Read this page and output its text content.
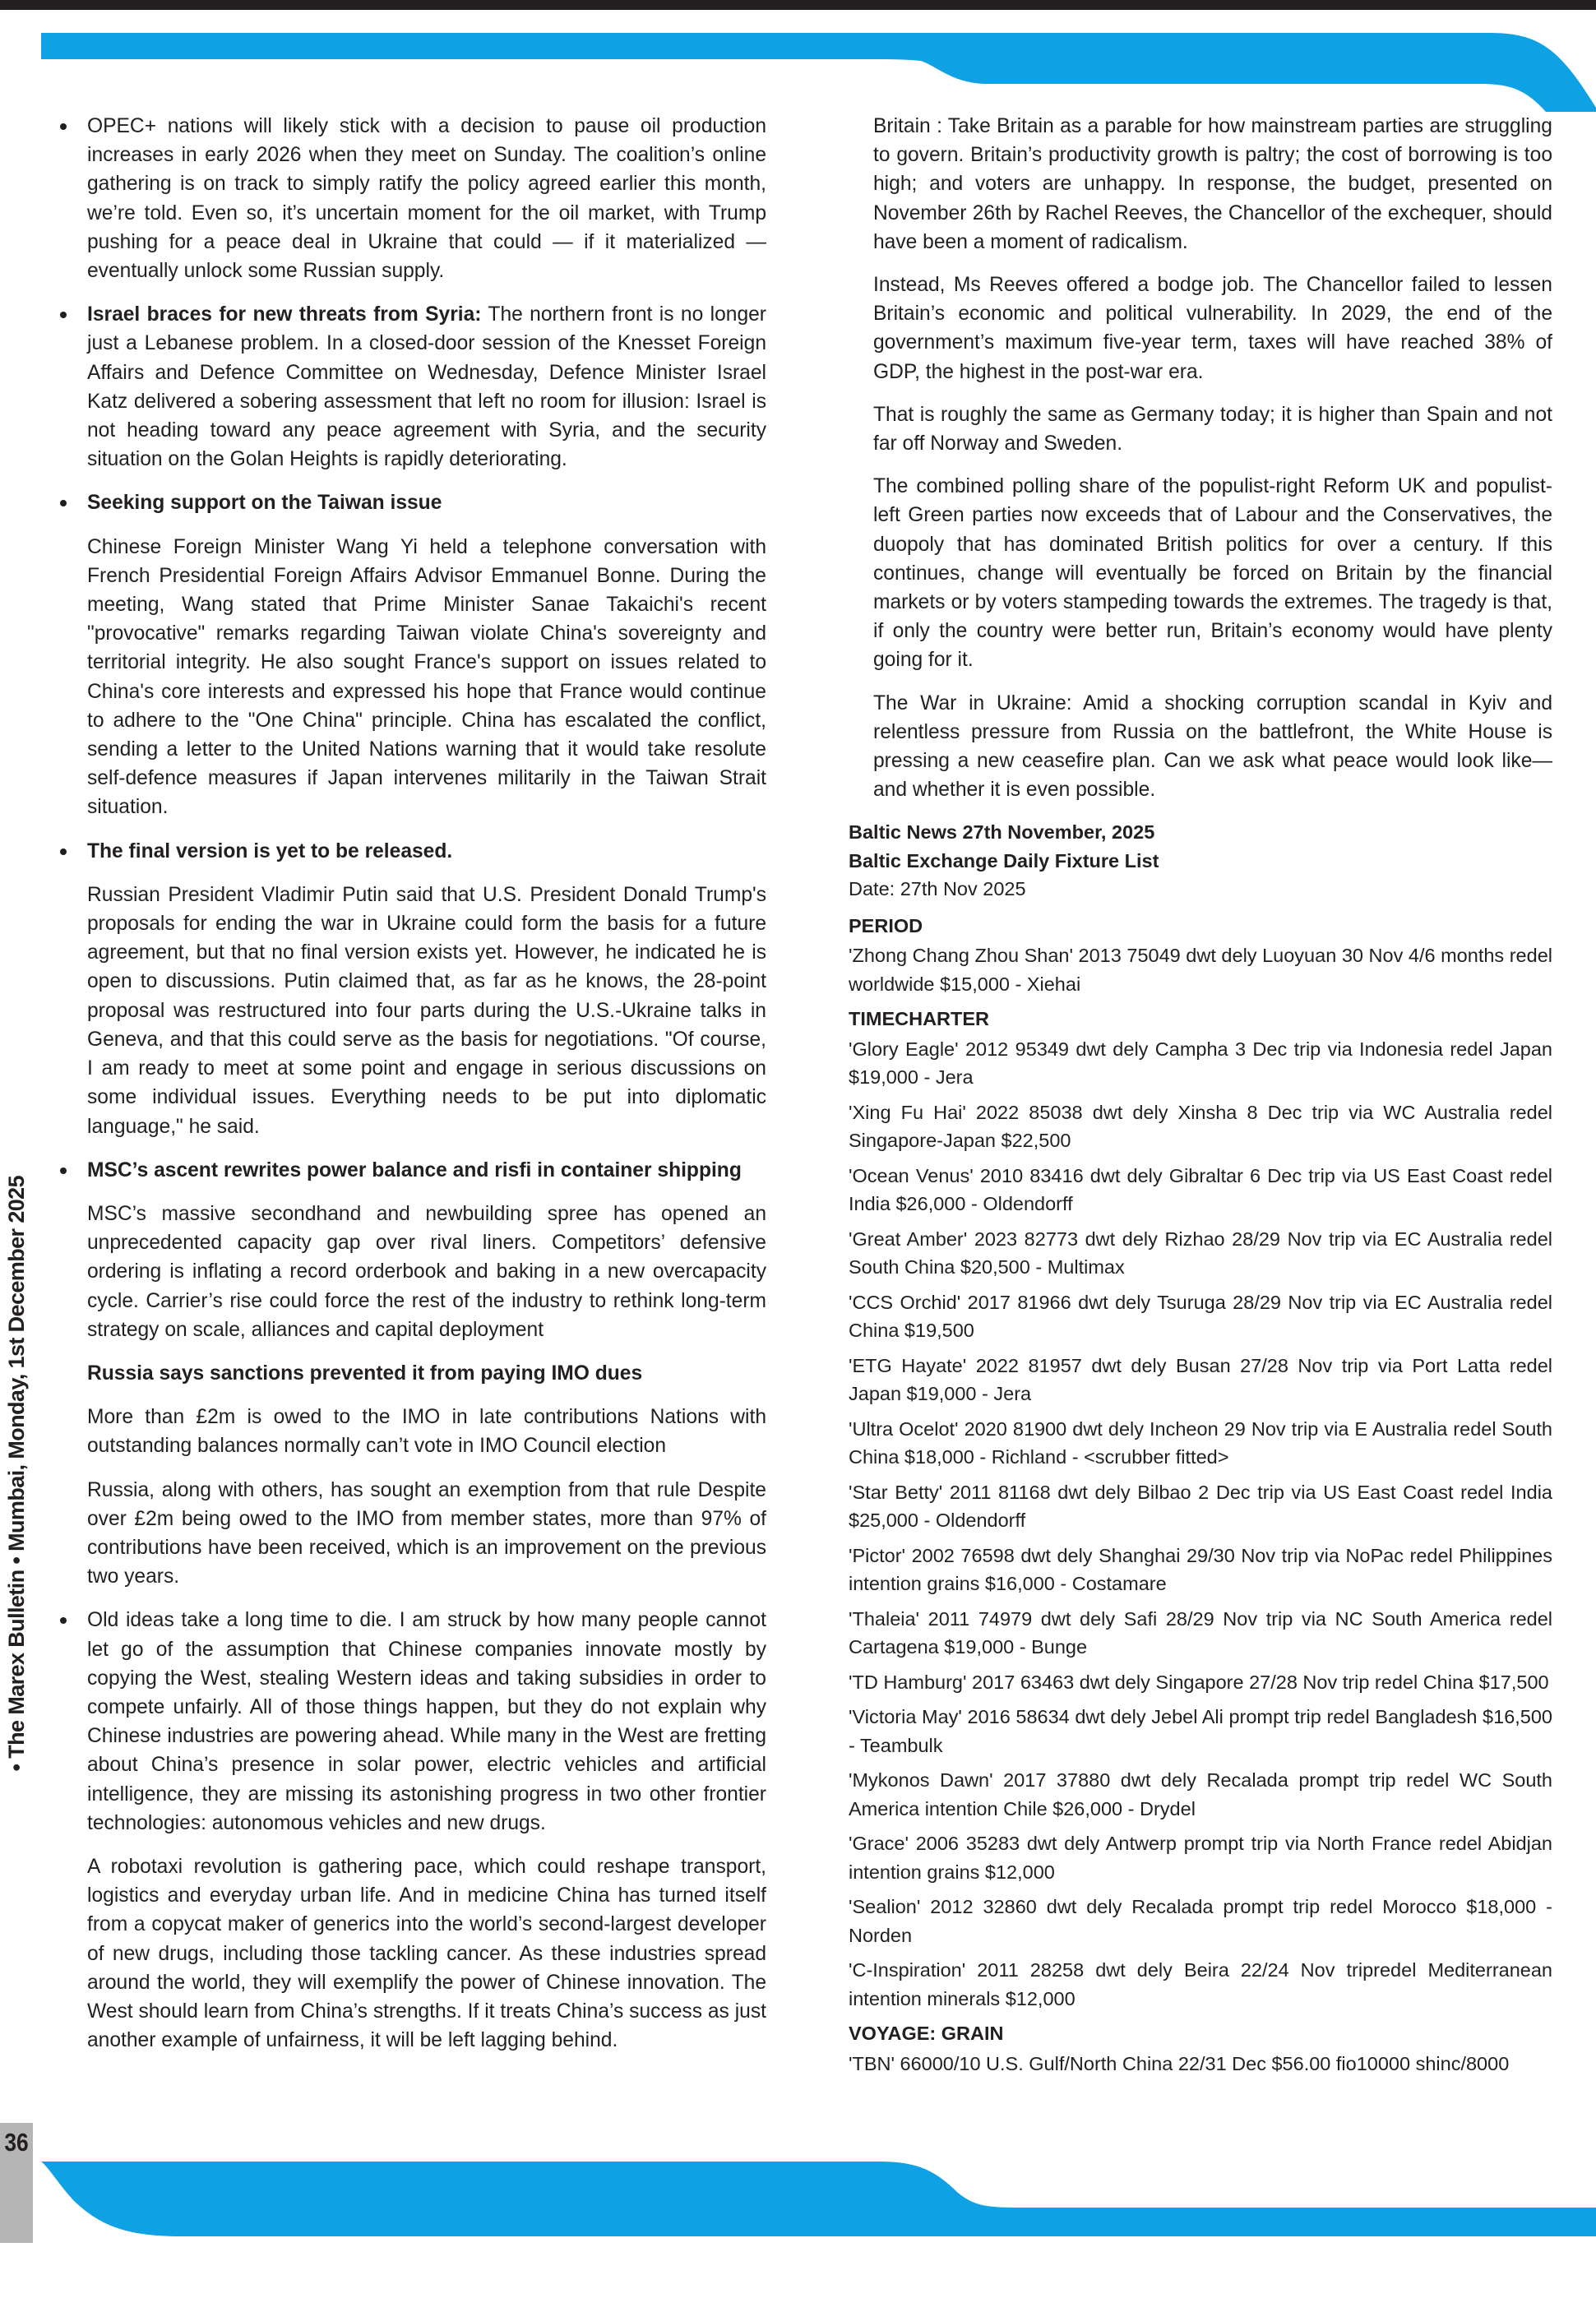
OPEC+ nations will likely stick with a decision to pause oil production increases in early 2026 when they meet on Sunday. The coalition’s online gathering is on track to simply ratify the policy agreed earlier this month, we’re told. Even so, it’s uncertain moment for the oil market, with Trump pushing for a peace deal in Ukraine that could — if it materialized — eventually unlock some Russian supply.

Israel braces for new threats from Syria: The northern front is no longer just a Lebanese problem. In a closed-door session of the Knesset Foreign Affairs and Defence Committee on Wednesday, Defence Minister Israel Katz delivered a sobering assessment that left no room for illusion: Israel is not heading toward any peace agreement with Syria, and the security situation on the Golan Heights is rapidly deteriorating.

Seeking support on the Taiwan issue

Chinese Foreign Minister Wang Yi held a telephone conversation with French Presidential Foreign Affairs Advisor Emmanuel Bonne. During the meeting, Wang stated that Prime Minister Sanae Takaichi's recent "provocative" remarks regarding Taiwan violate China's sovereignty and territorial integrity. He also sought France's support on issues related to China's core interests and expressed his hope that France would continue to adhere to the "One China" principle. China has escalated the conflict, sending a letter to the United Nations warning that it would take resolute self-defence measures if Japan intervenes militarily in the Taiwan Strait situation.

The final version is yet to be released.

Russian President Vladimir Putin said that U.S. President Donald Trump's proposals for ending the war in Ukraine could form the basis for a future agreement, but that no final version exists yet. However, he indicated he is open to discussions. Putin claimed that, as far as he knows, the 28-point proposal was restructured into four parts during the U.S.-Ukraine talks in Geneva, and that this could serve as the basis for negotiations. "Of course, I am ready to meet at some point and engage in serious discussions on some individual issues. Everything needs to be put into diplomatic language," he said.

MSC’s ascent rewrites power balance and risfi in container shipping

MSC’s massive secondhand and newbuilding spree has opened an unprecedented capacity gap over rival liners. Competitors’ defensive ordering is inflating a record orderbook and baking in a new overcapacity cycle. Carrier’s rise could force the rest of the industry to rethink long-term strategy on scale, alliances and capital deployment

Russia says sanctions prevented it from paying IMO dues

More than £2m is owed to the IMO in late contributions Nations with outstanding balances normally can’t vote in IMO Council election

Russia, along with others, has sought an exemption from that rule Despite over £2m being owed to the IMO from member states, more than 97% of contributions have been received, which is an improvement on the previous two years.

Old ideas take a long time to die. I am struck by how many people cannot let go of the assumption that Chinese companies innovate mostly by copying the West, stealing Western ideas and taking subsidies in order to compete unfairly. All of those things happen, but they do not explain why Chinese industries are powering ahead. While many in the West are fretting about China’s presence in solar power, electric vehicles and artificial intelligence, they are missing its astonishing progress in two other frontier technologies: autonomous vehicles and new drugs.

A robotaxi revolution is gathering pace, which could reshape transport, logistics and everyday urban life. And in medicine China has turned itself from a copycat maker of generics into the world’s second-largest developer of new drugs, including those tackling cancer. As these industries spread around the world, they will exemplify the power of Chinese innovation. The West should learn from China’s strengths. If it treats China’s success as just another example of unfairness, it will be left lagging behind.

Britain : Take Britain as a parable for how mainstream parties are struggling to govern. Britain’s productivity growth is paltry; the cost of borrowing is too high; and voters are unhappy. In response, the budget, presented on November 26th by Rachel Reeves, the Chancellor of the exchequer, should have been a moment of radicalism.

Instead, Ms Reeves offered a bodge job. The Chancellor failed to lessen Britain’s economic and political vulnerability. In 2029, the end of the government’s maximum five-year term, taxes will have reached 38% of GDP, the highest in the post-war era.

That is roughly the same as Germany today; it is higher than Spain and not far off Norway and Sweden.

The combined polling share of the populist-right Reform UK and populist-left Green parties now exceeds that of Labour and the Conservatives, the duopoly that has dominated British politics for over a century. If this continues, change will eventually be forced on Britain by the financial markets or by voters stampeding towards the extremes. The tragedy is that, if only the country were better run, Britain’s economy would have plenty going for it.

The War in Ukraine: Amid a shocking corruption scandal in Kyiv and relentless pressure from Russia on the battlefront, the White House is pressing a new ceasefire plan. Can we ask what peace would look like—and whether it is even possible.

Baltic News 27th November, 2025

Baltic Exchange Daily Fixture List

Date: 27th Nov 2025

PERIOD

'Zhong Chang Zhou Shan' 2013 75049 dwt dely Luoyuan 30 Nov 4/6 months redel worldwide $15,000 - Xiehai

TIMECHARTER

'Glory Eagle' 2012 95349 dwt dely Campha 3 Dec trip via Indonesia redel Japan $19,000 - Jera

'Xing Fu Hai' 2022 85038 dwt dely Xinsha 8 Dec trip via WC Australia redel Singapore-Japan $22,500

'Ocean Venus' 2010 83416 dwt dely Gibraltar 6 Dec trip via US East Coast redel India $26,000 - Oldendorff

'Great Amber' 2023 82773 dwt dely Rizhao 28/29 Nov trip via EC Australia redel South China $20,500 - Multimax

'CCS Orchid' 2017 81966 dwt dely Tsuruga 28/29 Nov trip via EC Australia redel China $19,500

'ETG Hayate' 2022 81957 dwt dely Busan 27/28 Nov trip via Port Latta redel Japan $19,000 - Jera

'Ultra Ocelot' 2020 81900 dwt dely Incheon 29 Nov trip via E Australia redel South China $18,000 - Richland - <scrubber fitted>

'Star Betty' 2011 81168 dwt dely Bilbao 2 Dec trip via US East Coast redel India $25,000 - Oldendorff

'Pictor' 2002 76598 dwt dely Shanghai 29/30 Nov trip via NoPac redel Philippines intention grains $16,000 - Costamare

'Thaleia' 2011 74979 dwt dely Safi 28/29 Nov trip via NC South America redel Cartagena $19,000 - Bunge

'TD Hamburg' 2017 63463 dwt dely Singapore 27/28 Nov trip redel China $17,500

'Victoria May' 2016 58634 dwt dely Jebel Ali prompt trip redel Bangladesh $16,500 - Teambulk

'Mykonos Dawn' 2017 37880 dwt dely Recalada prompt trip redel WC South America intention Chile $26,000 - Drydel

'Grace' 2006 35283 dwt dely Antwerp prompt trip via North France redel Abidjan intention grains $12,000

'Sealion' 2012 32860 dwt dely Recalada prompt trip redel Morocco $18,000 - Norden

'C-Inspiration' 2011 28258 dwt dely Beira 22/24 Nov tripredel Mediterranean intention minerals $12,000

VOYAGE: GRAIN

'TBN' 66000/10 U.S. Gulf/North China 22/31 Dec $56.00 fio10000 shinc/8000

• The Marex Bulletin • Mumbai, Monday, 1st December 2025
36
